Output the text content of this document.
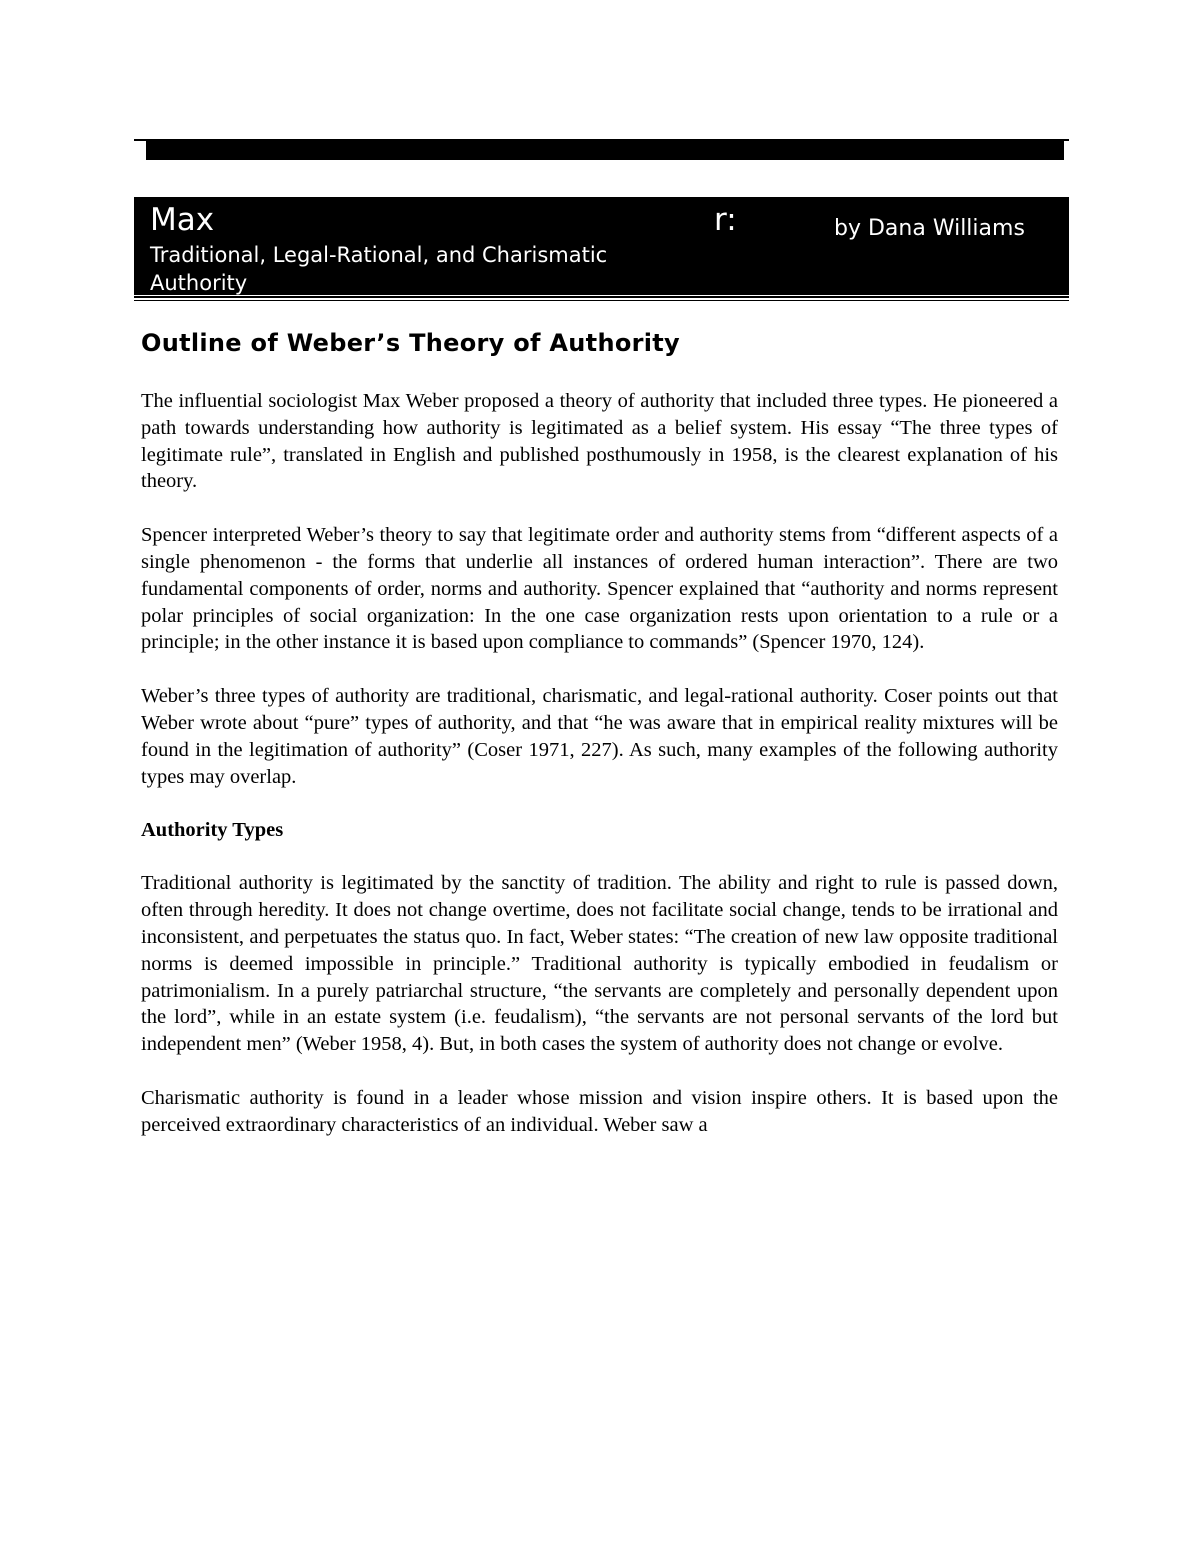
Max	r:	by Dana Williams
Traditional, Legal-Rational, and Charismatic Authority
Outline of Weber’s Theory of Authority

The influential sociologist Max Weber proposed a theory of authority that included three types. He pioneered a path towards understanding how authority is legitimated as a belief system. His essay “The three types of legitimate rule”, translated in English and published posthumously in 1958, is the clearest explanation of his theory.

Spencer interpreted Weber’s theory to say that legitimate order and authority stems from “different aspects of a single phenomenon - the forms that underlie all instances of ordered human interaction”. There are two fundamental components of order, norms and authority. Spencer explained that “authority and norms represent polar principles of social organization: In the one case organization rests upon orientation to a rule or a principle; in the other instance it is based upon compliance to commands” (Spencer 1970, 124).

Weber’s three types of authority are traditional, charismatic, and legal-rational authority. Coser points out that Weber wrote about “pure” types of authority, and that “he was aware that in empirical reality mixtures will be found in the legitimation of authority” (Coser 1971, 227). As such, many examples of the following authority types may overlap.

Authority Types

Traditional authority is legitimated by the sanctity of tradition. The ability and right to rule is passed down, often through heredity. It does not change overtime, does not facilitate social change, tends to be irrational and inconsistent, and perpetuates the status quo. In fact, Weber states: “The creation of new law opposite traditional norms is deemed impossible in principle.” Traditional authority is typically embodied in feudalism or patrimonialism. In a purely patriarchal structure, “the servants are completely and personally dependent upon the lord”, while in an estate system (i.e. feudalism), “the servants are not personal servants of the lord but independent men” (Weber 1958, 4). But, in both cases the system of authority does not change or evolve.

Charismatic authority is found in a leader whose mission and vision inspire others. It is based upon the perceived extraordinary characteristics of an individual. Weber saw a
